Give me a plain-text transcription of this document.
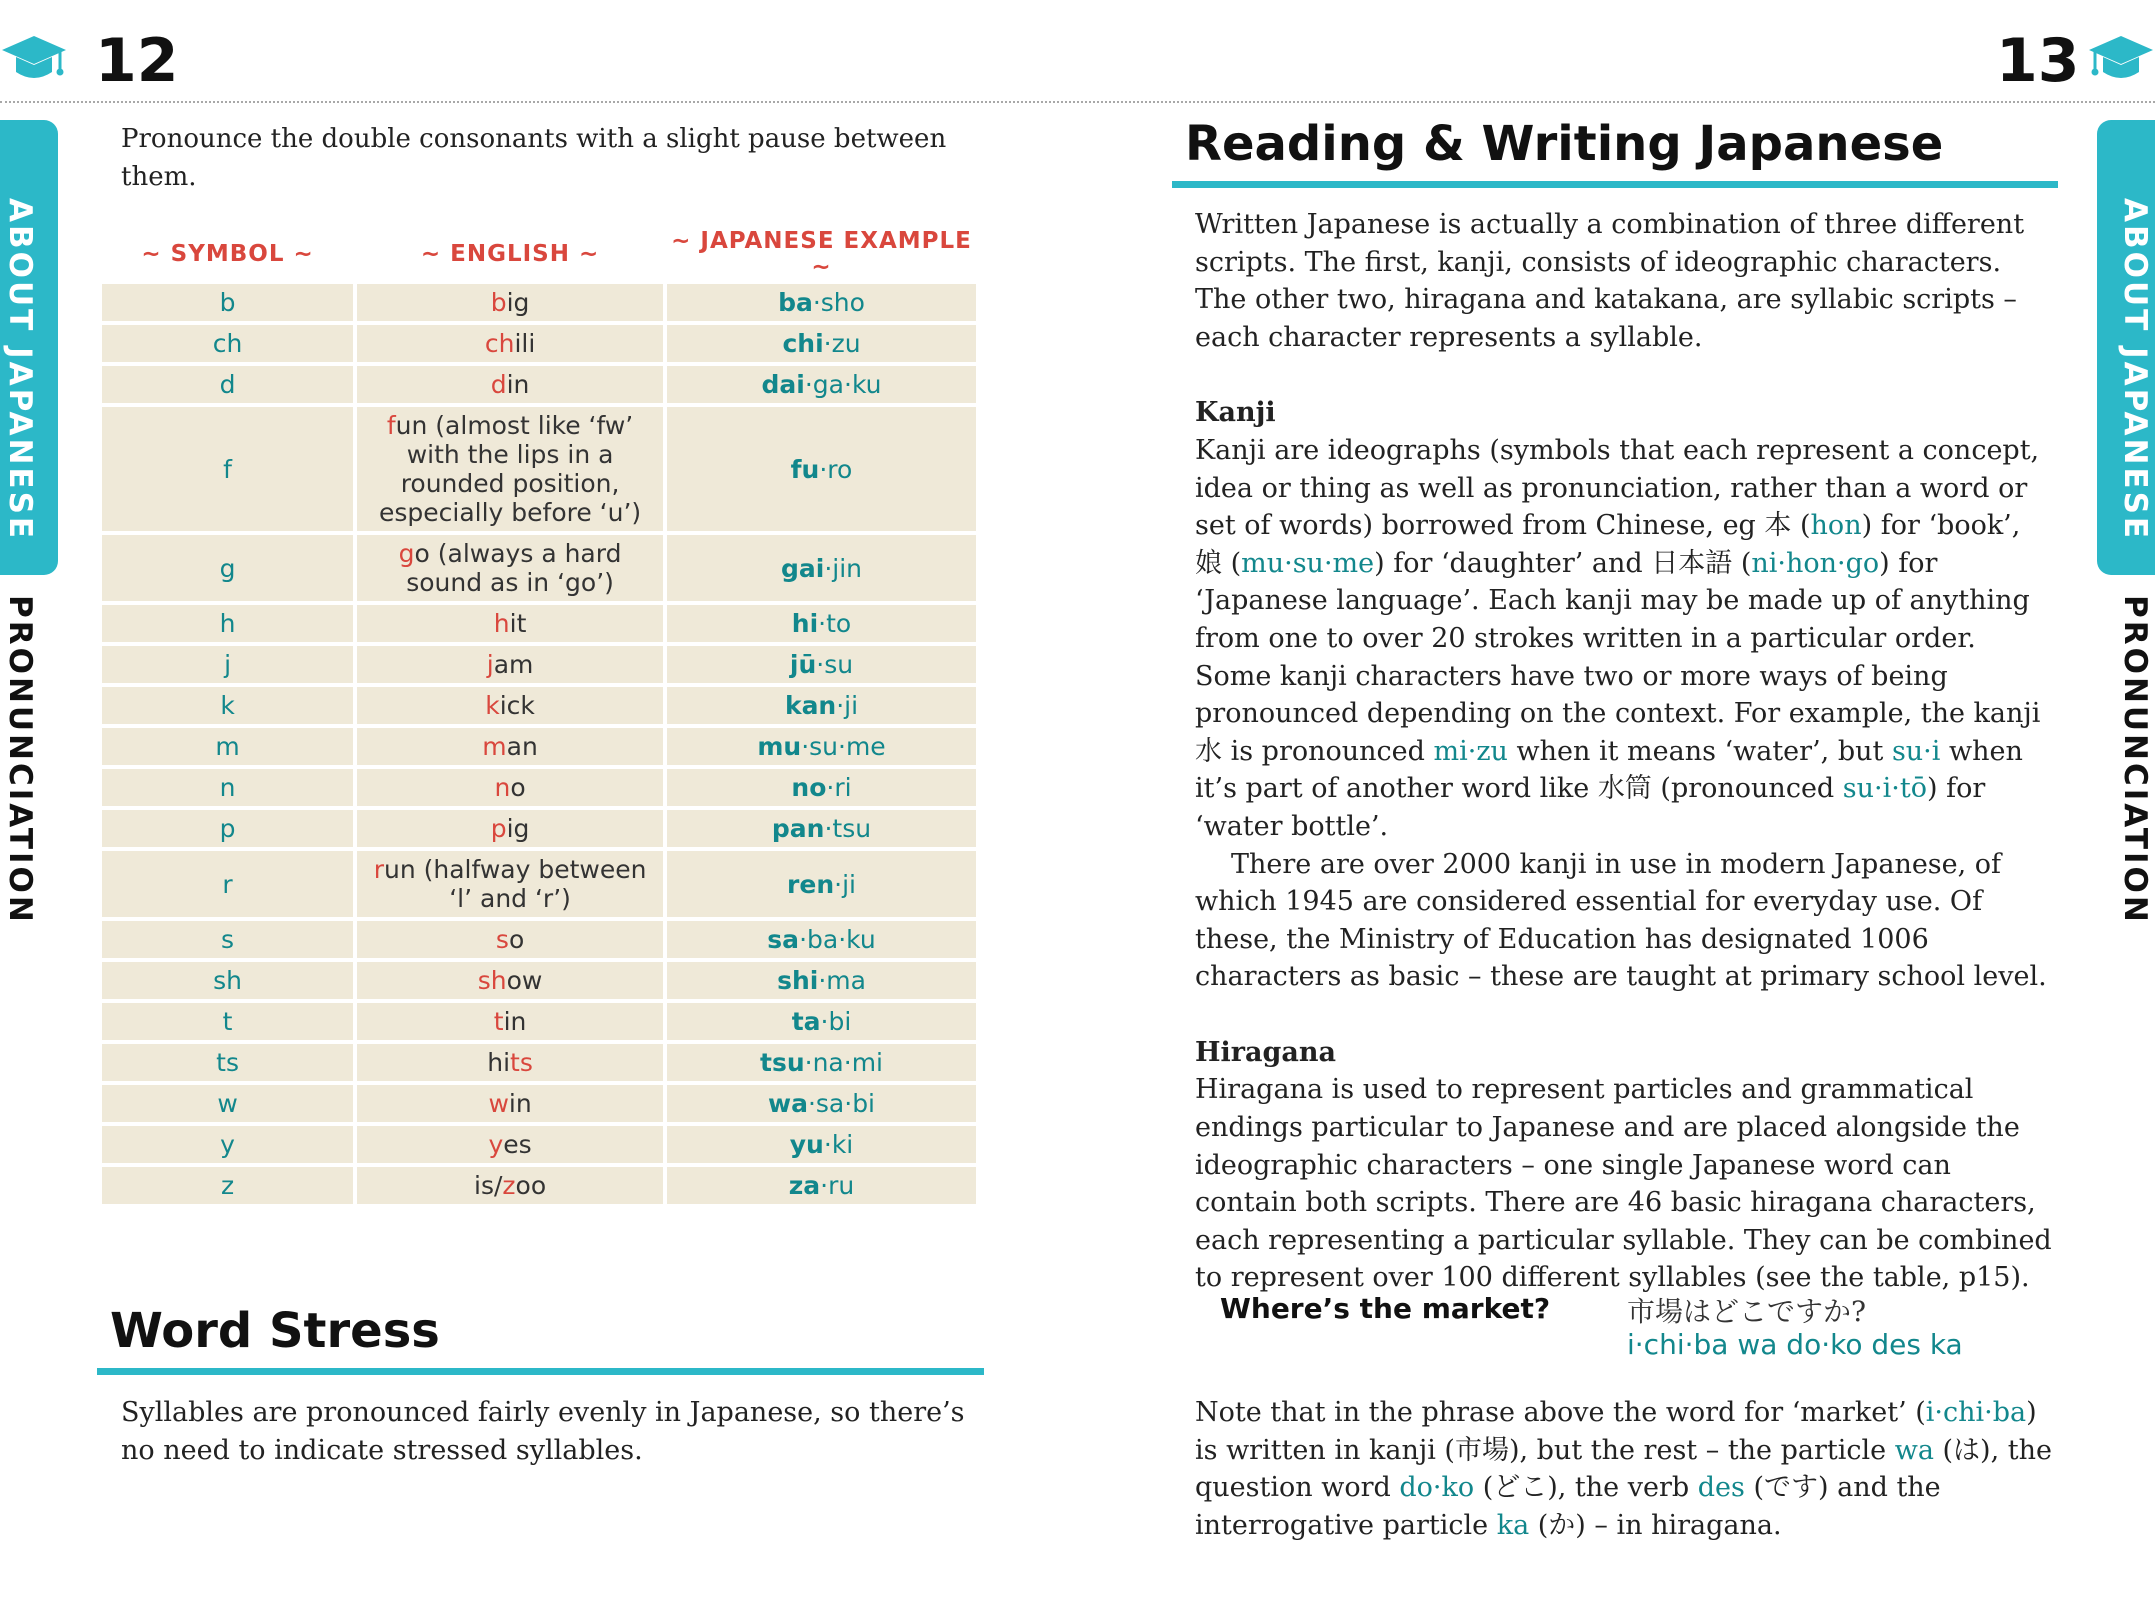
12	13
ABOUT JAPANESE
PRONUNCIATION
ABOUT JAPANESE
PRONUNCIATION
Pronounce the double consonants with a slight pause between them.
~ SYMBOL ~	~ ENGLISH ~	~ JAPANESE EXAMPLE ~
b	big	ba·sho
ch	chili	chi·zu
d	din	dai·ga·ku
f	fun (almost like ‘fw’ with the lips in a rounded position, especially before ‘u’)	fu·ro
g	go (always a hard sound as in ‘go’)	gai·jin
h	hit	hi·to
j	jam	jū·su
k	kick	kan·ji
m	man	mu·su·me
n	no	no·ri
p	pig	pan·tsu
r	run (halfway between ‘l’ and ‘r’)	ren·ji
s	so	sa·ba·ku
sh	show	shi·ma
t	tin	ta·bi
ts	hits	tsu·na·mi
w	win	wa·sa·bi
y	yes	yu·ki
z	is/zoo	za·ru
Word Stress
Syllables are pronounced fairly evenly in Japanese, so there’s no need to indicate stressed syllables.
Reading & Writing Japanese
Written Japanese is actually a combination of three different scripts. The first, kanji, consists of ideographic characters. The other two, hiragana and katakana, are syllabic scripts – each character represents a syllable.
Kanji
Kanji are ideographs (symbols that each represent a concept, idea or thing as well as pronunciation, rather than a word or set of words) borrowed from Chinese, eg 本 (hon) for ‘book’, 娘 (mu·su·me) for ‘daughter’ and 日本語 (ni·hon·go) for ‘Japanese language’. Each kanji may be made up of anything from one to over 20 strokes written in a particular order. Some kanji characters have two or more ways of being pronounced depending on the context. For example, the kanji 水 is pronounced mi·zu when it means ‘water’, but su·i when it’s part of another word like 水筒 (pronounced su·i·tō) for ‘water bottle’.
There are over 2000 kanji in use in modern Japanese, of which 1945 are considered essential for everyday use. Of these, the Ministry of Education has designated 1006 characters as basic – these are taught at primary school level.
Hiragana
Hiragana is used to represent particles and grammatical endings particular to Japanese and are placed alongside the ideographic characters – one single Japanese word can contain both scripts. There are 46 basic hiragana characters, each representing a particular syllable. They can be combined to represent over 100 different syllables (see the table, p15).
Where’s the market?	市場はどこですか?
i·chi·ba wa do·ko des ka
Note that in the phrase above the word for ‘market’ (i·chi·ba) is written in kanji (市場), but the rest – the particle wa (は), the question word do·ko (どこ), the verb des (です) and the interrogative particle ka (か) – in hiragana.
